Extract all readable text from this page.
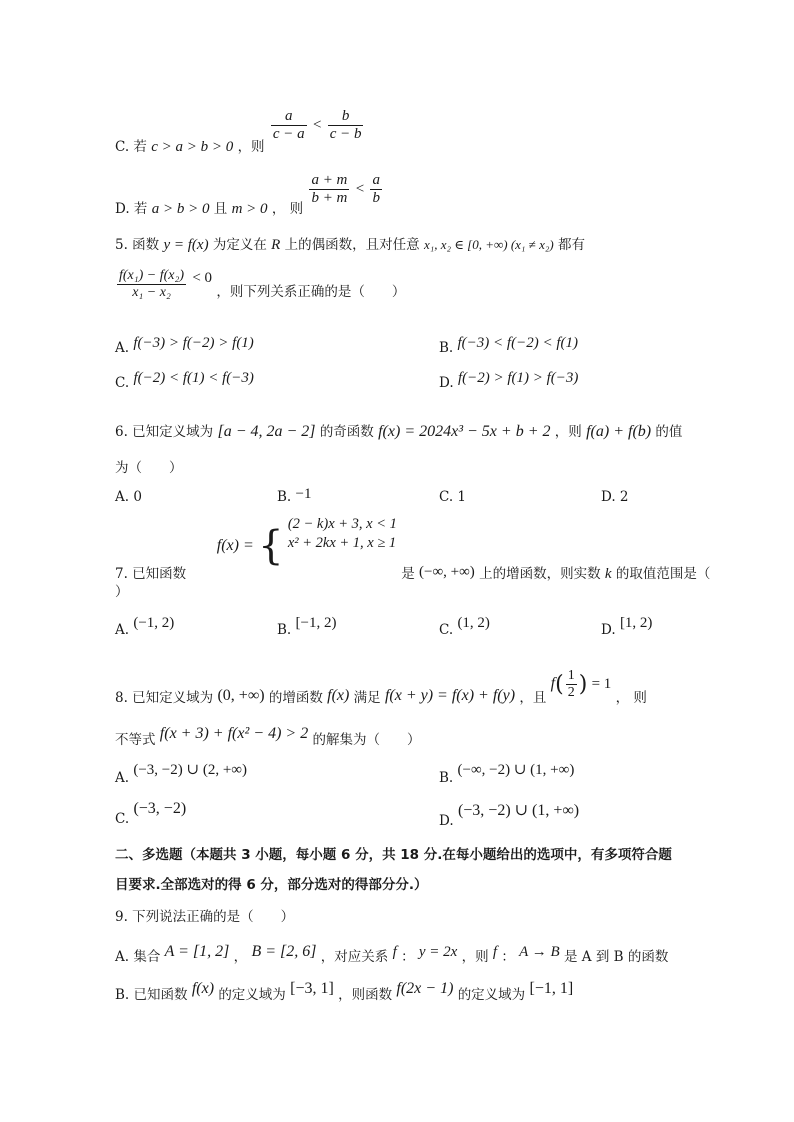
C. 若 c > a > b > 0 ，则
$\frac{a}{c - a} < \frac{b}{c - b}$
D. 若 a > b > 0 且 m > 0 ， 则
$\frac{a + m}{b + m} < \frac{a}{b}$
5. 函数 y = f(x) 为定义在 R 上的偶函数，且对任意 x₁, x₂ ∈ [0, +∞) (x₁ ≠ x₂) 都有
$\frac{\text{f(x₁) − f(x₂)}}{\text{x₁ − x₂}} < 0$ ，则下列关系正确的是（　　）
A. f(−3) > f(−2) > f(1)	B. f(−3) < f(−2) < f(1)
C. f(−2) < f(1) < f(−3)	D. f(−2) > f(1) > f(−3)
6. 已知定义域为 [a − 4, 2a − 2] 的奇函数 f(x) = 2024x³ − 5x + b + 2 ，则 f(a) + f(b) 的值
为（　　）
A. 0	B. −1	C. 1	D. 2
7. 已知函数  f(x) = { (2 − k)x + 3, x < 1
x² + 2kx + 1, x ≥ 1
是 (−∞, +∞) 上的增函数，则实数 k 的取值范围是（
）
A. (−1, 2)	B. [−1, 2)	C. (1, 2)	D. [1, 2)
8. 已知定义域为 (0, +∞) 的增函数 f(x) 满足 f(x + y) = f(x) + f(y) ，且 $f( \frac{1}{2}$ ) = 1 ， 则
不等式 f(x + 3) + f(x² − 4) > 2 的解集为（　　）
A. (−3, −2) ∪ (2, +∞)	B. (−∞, −2) ∪ (1, +∞)
C. (−3, −2)
D. (−3, −2) ∪ (1, +∞)
二、多选题（本题共 3 小题，每小题 6 分，共 18 分.在每小题给出的选项中，有多项符合题
目要求.全部选对的得 6 分，部分选对的得部分分.）
9. 下列说法正确的是（　　）
A. 集合 A = [1, 2] ， B = [2, 6] ，对应关系 f ： y = 2x ，则 f ： A → B 是 A 到 B 的函数
B. 已知函数 f(x) 的定义域为 [−3, 1] ，则函数 f(2x − 1) 的定义域为 [−1, 1]
